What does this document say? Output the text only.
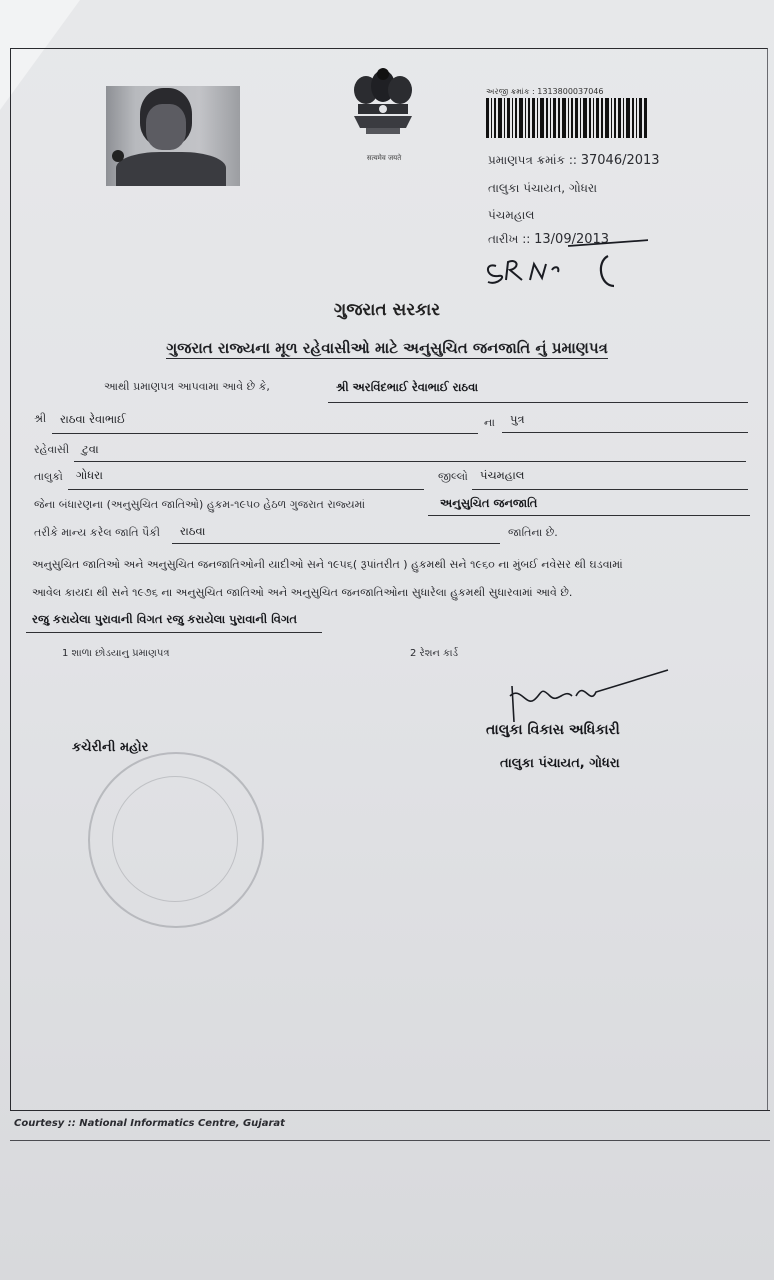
सत्यमेव जयते
અરજી ક્રમાંક : 1313800037046
પ્રમાણપત્ર ક્રમાંક :: 37046/2013
તાલુકા પંચાયત, ગોધરા
પંચમહાલ
તારીખ :: 13/09/2013
ગુજરાત સરકાર
ગુજરાત રાજ્યના મૂળ રહેવાસીઓ માટે અનુસુચિત જનજાતિ નું પ્રમાણપત્ર
આથી પ્રમાણપત્ર આપવામા આવે છે કે,	શ્રી અરવિંદભાઈ રેવાભાઈ રાઠવા
શ્રી રાઠવા રેવાભાઈ	ના પુત્ર
રહેવાસી ટુવા
તાલુકો ગોધરા	જીલ્લો પંચમહાલ
જેના બંધારણના (અનુસુચિત જાતિઓ) હુકમ-૧૯૫૦ હેઠળ ગુજરાત રાજ્યમાં	અનુસુચિત જનજાતિ
તરીકે માન્ય કરેલ જાતિ પૈકી રાઠવા	જાતિના છે.
અનુસુચિત જાતિઓ અને અનુસુચિત જનજાતિઓની યાદીઓ સને ૧૯૫૬( રૂપાંતરીત ) હુકમથી સને ૧૯૬૦ ના મુંબઈ નવેસર થી ઘડવામાં
આવેલ કાયદા થી સને ૧૯૭૬ ના અનુસુચિત જાતિઓ અને અનુસુચિત જનજાતિઓના સુધારેલા હુકમથી સુધારવામાં આવે છે.
રજુ કરાયેલા પુરાવાની વિગત રજુ કરાયેલા પુરાવાની વિગત
1 શાળા છોડયાનુ પ્રમાણપત્ર	2 રેશન કાર્ડ
તાલુકા વિકાસ અધિકારી
તાલુકા પંચાયત, ગોધરા
કચેરીની મહોર
Courtesy :: National Informatics Centre, Gujarat
